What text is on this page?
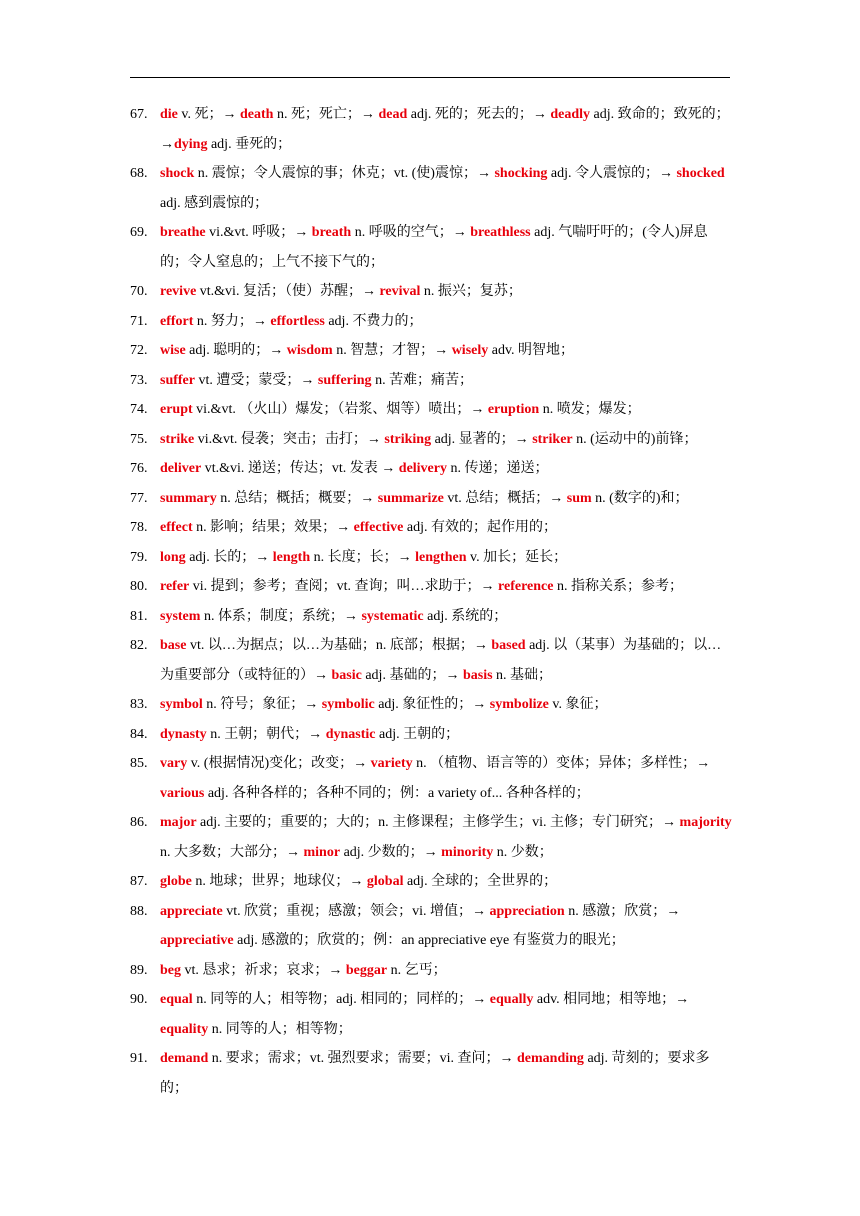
67. die v. 死；→ death n. 死；死亡；→ dead adj. 死的；死去的；→ deadly adj. 致命的；致死的；→dying adj. 垂死的；
68. shock n. 震惊；令人震惊的事；休克；vt. (使)震惊；→ shocking adj. 令人震惊的；→ shocked adj. 感到震惊的；
69. breathe vi.&vt. 呼吸；→ breath n. 呼吸的空气；→ breathless adj. 气喘吁吁的；(令人)屏息的；令人窒息的；上气不接下气的；
70. revive vt.&vi. 复活；（使）苏醒；→ revival n. 振兴；复苏；
71. effort n. 努力；→ effortless adj. 不费力的；
72. wise adj. 聪明的；→ wisdom n. 智慧；才智；→ wisely adv. 明智地；
73. suffer vt. 遭受；蒙受；→ suffering n. 苦难；痛苦；
74. erupt vi.&vt. （火山）爆发；（岩浆、烟等）喷出；→ eruption n. 喷发；爆发；
75. strike vi.&vt. 侵袭；突击；击打；→ striking adj. 显著的；→ striker n. (运动中的)前锋；
76. deliver vt.&vi. 递送；传达；vt. 发表 → delivery n. 传递；递送；
77. summary n. 总结；概括；概要；→ summarize vt. 总结；概括；→ sum n. (数字的)和；
78. effect n. 影响；结果；效果；→ effective adj. 有效的；起作用的；
79. long adj. 长的；→ length n. 长度；长；→ lengthen v. 加长；延长；
80. refer vi. 提到；参考；查阅；vt. 查询；叫…求助于；→ reference n. 指称关系；参考；
81. system n. 体系；制度；系统；→ systematic adj. 系统的；
82. base vt. 以…为据点；以…为基础；n. 底部；根据；→ based adj. 以（某事）为基础的；以…为重要部分（或特征的）→ basic adj. 基础的；→ basis n. 基础；
83. symbol n. 符号；象征；→ symbolic adj. 象征性的；→ symbolize v. 象征；
84. dynasty n. 王朝；朝代；→ dynastic adj. 王朝的；
85. vary v. (根据情况)变化；改变；→ variety n. （植物、语言等的）变体；异体；多样性；→ various adj. 各种各样的；各种不同的；例：a variety of... 各种各样的；
86. major adj. 主要的；重要的；大的；n. 主修课程；主修学生；vi. 主修；专门研究；→ majority n. 大多数；大部分；→ minor adj. 少数的；→ minority n. 少数；
87. globe n. 地球；世界；地球仪；→ global adj. 全球的；全世界的；
88. appreciate vt. 欣赏；重视；感激；领会；vi. 增值；→ appreciation n. 感激；欣赏；→ appreciative adj. 感激的；欣赏的；例：an appreciative eye 有鉴赏力的眼光；
89. beg vt. 恳求；祈求；哀求；→ beggar n. 乞丐；
90. equal n. 同等的人；相等物；adj. 相同的；同样的；→ equally adv. 相同地；相等地；→ equality n. 同等的人；相等物；
91. demand n. 要求；需求；vt. 强烈要求；需要；vi. 查问；→ demanding adj. 苛刻的；要求多的；
